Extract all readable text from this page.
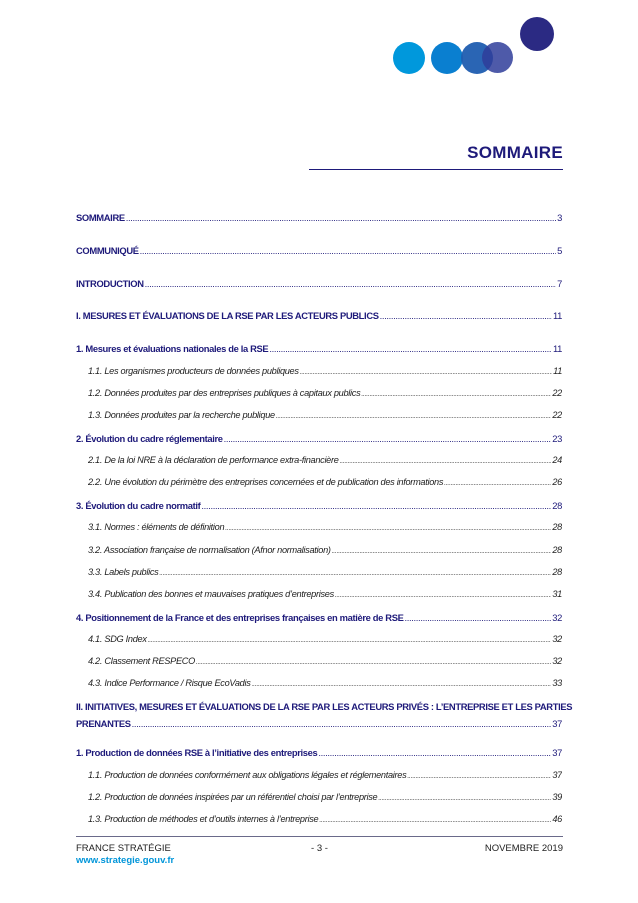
SOMMAIRE
SOMMAIRE .....	3
COMMUNIQUÉ .....	5
INTRODUCTION .....	7
I. MESURES ET ÉVALUATIONS DE LA RSE PAR LES ACTEURS PUBLICS .....	11
1. Mesures et évaluations nationales de la RSE .....	11
1.1. Les organismes producteurs de données publiques .....	11
1.2. Données produites par des entreprises publiques à capitaux publics .....	22
1.3. Données produites par la recherche publique .....	22
2. Évolution du cadre réglementaire .....	23
2.1. De la loi NRE à la déclaration de performance extra-financière .....	24
2.2. Une évolution du périmètre des entreprises concernées et de publication des informations .....	26
3. Évolution du cadre normatif .....	28
3.1. Normes : éléments de définition .....	28
3.2. Association française de normalisation (Afnor normalisation) .....	28
3.3. Labels publics .....	28
3.4. Publication des bonnes et mauvaises pratiques d’entreprises .....	31
4. Positionnement de la France et des entreprises françaises en matière de RSE .....	32
4.1. SDG Index .....	32
4.2. Classement RESPECO .....	32
4.3. Indice Performance / Risque EcoVadis .....	33
II. INITIATIVES, MESURES ET ÉVALUATIONS DE LA RSE PAR LES ACTEURS PRIVÉS : L’ENTREPRISE ET LES PARTIES
PRENANTES .....	37
1. Production de données RSE à l’initiative des entreprises .....	37
1.1. Production de données conformément aux obligations légales et réglementaires .....	37
1.2. Production de données inspirées par un référentiel choisi par l’entreprise .....	39
1.3. Production de méthodes et d’outils internes à l’entreprise .....	46
FRANCE STRATÉGIE	- 3 -	NOVEMBRE 2019
www.strategie.gouv.fr
